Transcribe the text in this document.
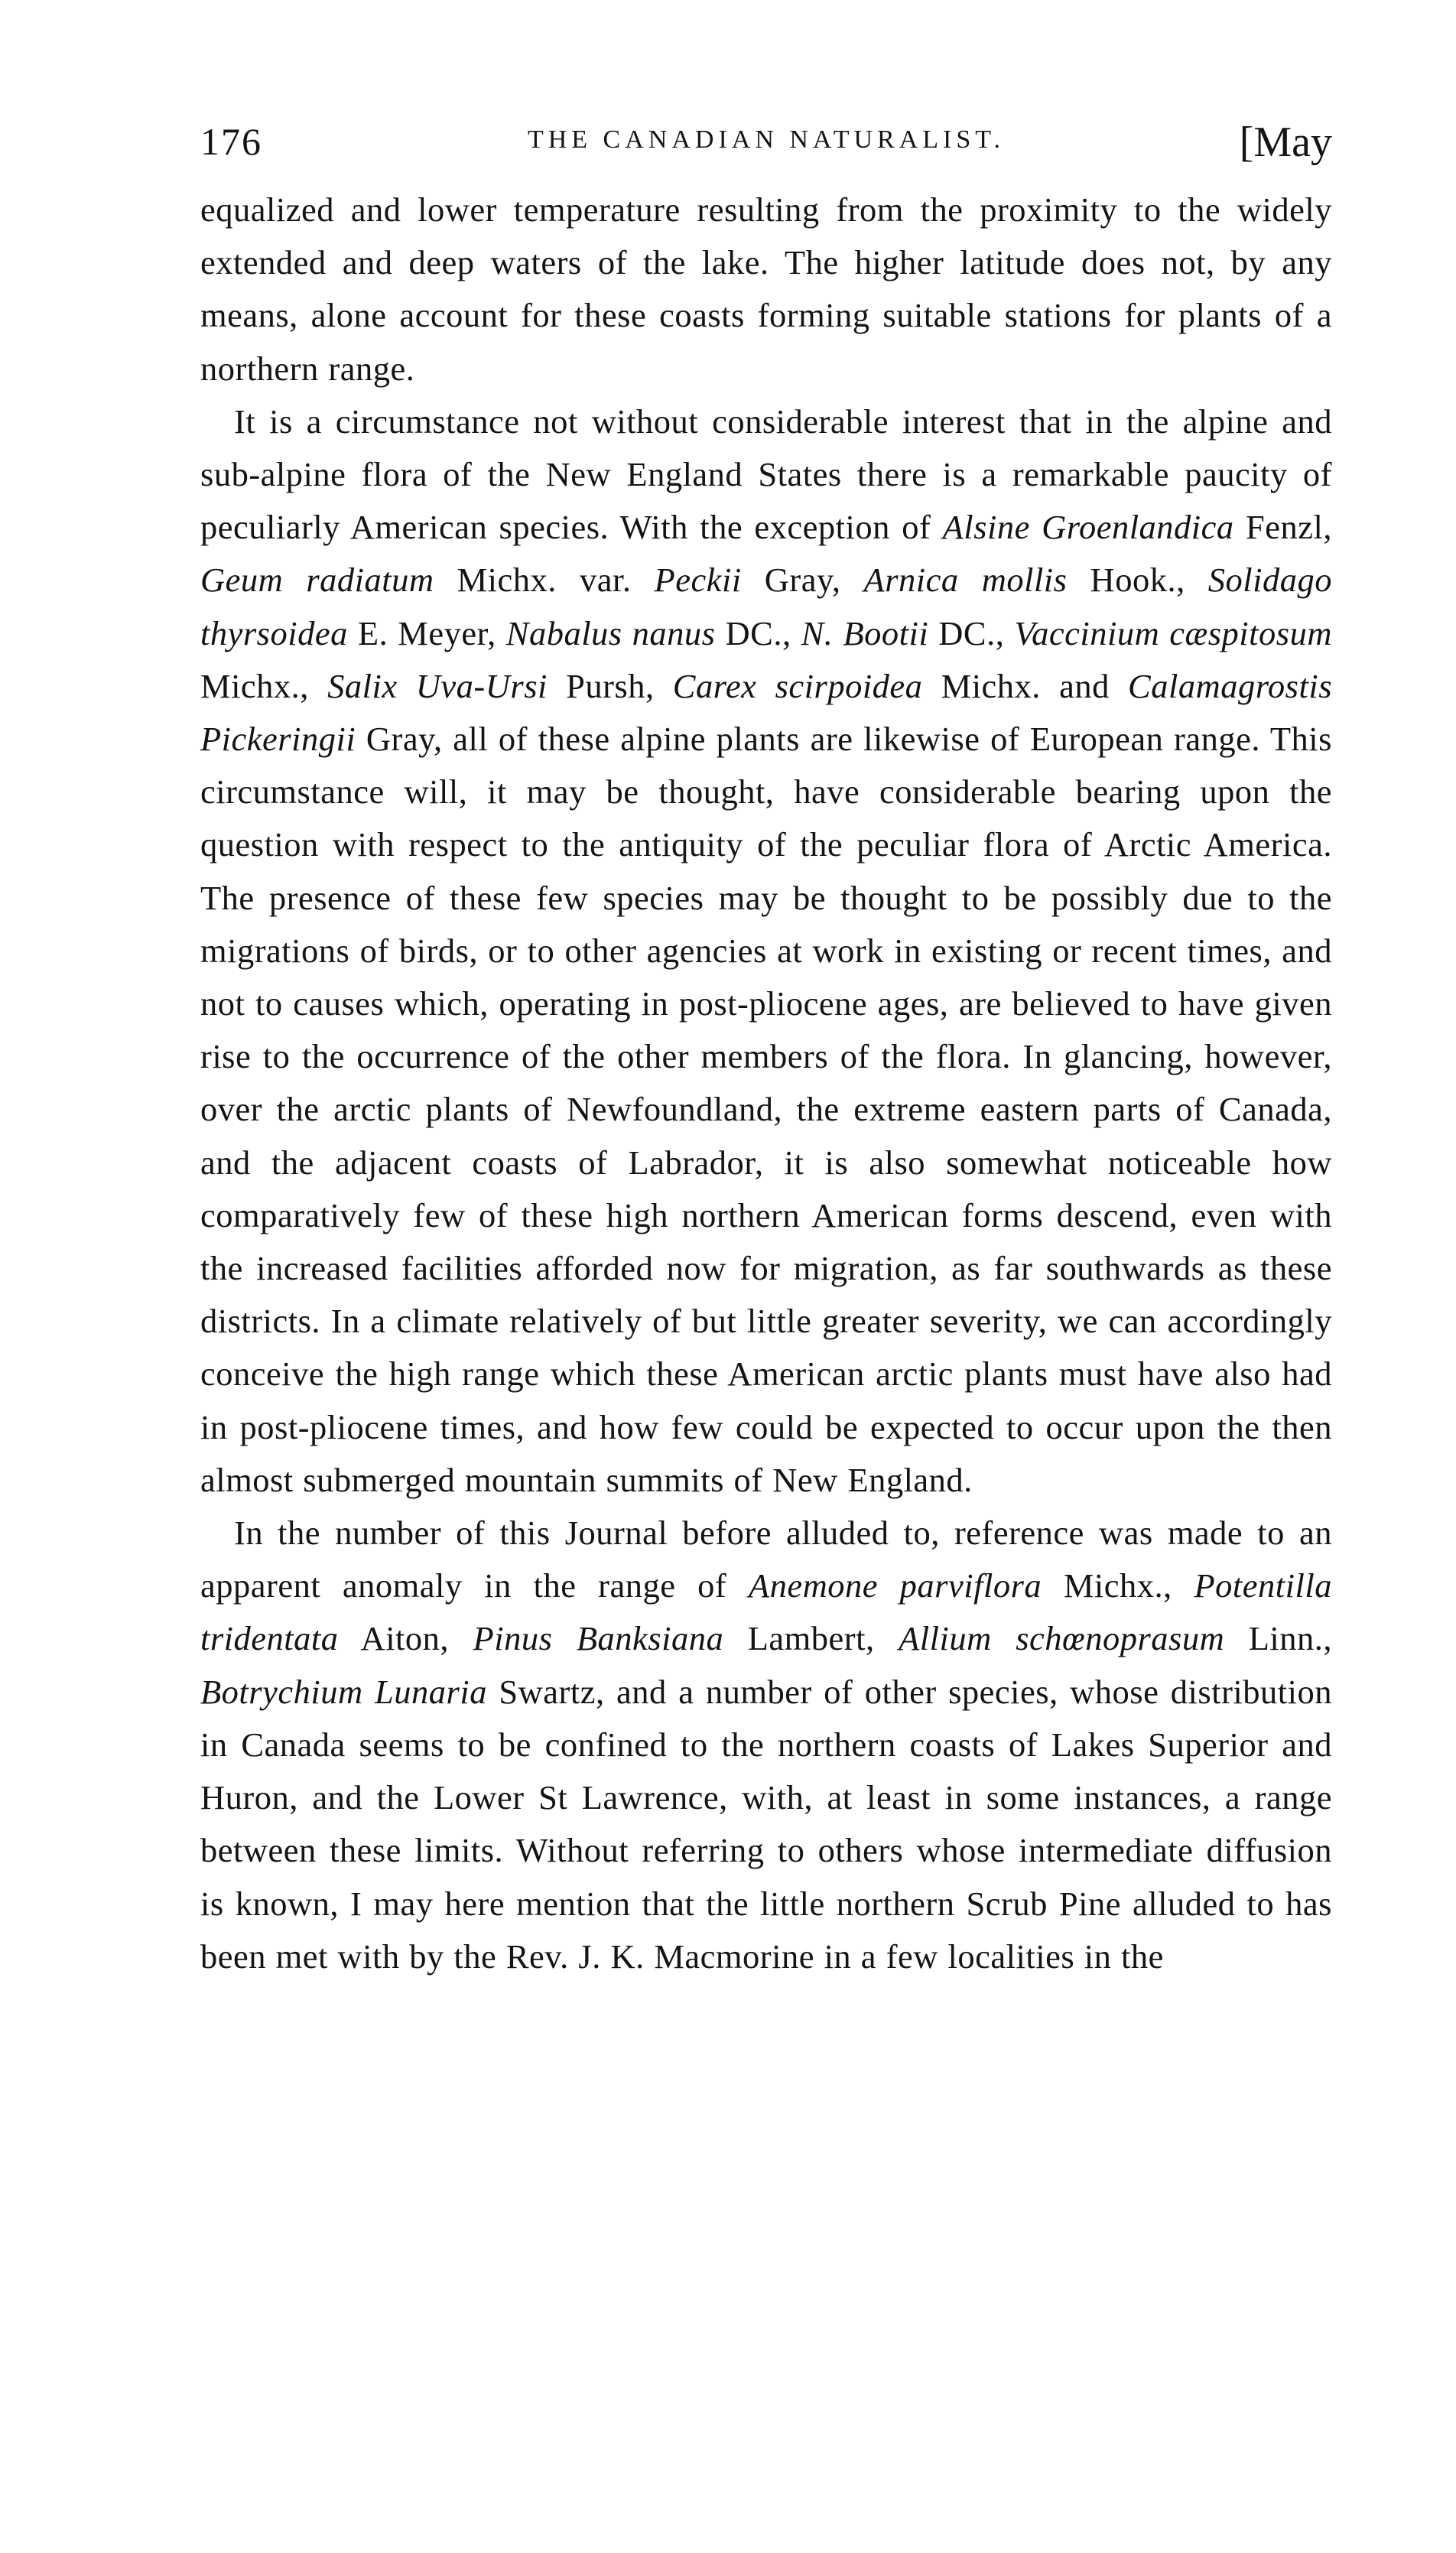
176	THE CANADIAN NATURALIST.	[May

equalized and lower temperature resulting from the proximity to the widely extended and deep waters of the lake. The higher latitude does not, by any means, alone account for these coasts forming suitable stations for plants of a northern range.

It is a circumstance not without considerable interest that in the alpine and sub-alpine flora of the New England States there is a remarkable paucity of peculiarly American species. With the exception of Alsine Groenlandica Fenzl, Geum radiatum Michx. var. Peckii Gray, Arnica mollis Hook., Solidago thyrsoidea E. Meyer, Nabalus nanus DC., N. Bootii DC., Vaccinium cæspitosum Michx., Salix Uva-Ursi Pursh, Carex scirpoidea Michx. and Calamagrostis Pickeringii Gray, all of these alpine plants are likewise of European range. This circumstance will, it may be thought, have considerable bearing upon the question with respect to the antiquity of the peculiar flora of Arctic America. The presence of these few species may be thought to be possibly due to the migrations of birds, or to other agencies at work in existing or recent times, and not to causes which, operating in post-pliocene ages, are believed to have given rise to the occurrence of the other members of the flora. In glancing, however, over the arctic plants of Newfoundland, the extreme eastern parts of Canada, and the adjacent coasts of Labrador, it is also somewhat noticeable how comparatively few of these high northern American forms descend, even with the increased facilities afforded now for migration, as far southwards as these districts. In a climate relatively of but little greater severity, we can accordingly conceive the high range which these American arctic plants must have also had in post-pliocene times, and how few could be expected to occur upon the then almost submerged mountain summits of New England.

In the number of this Journal before alluded to, reference was made to an apparent anomaly in the range of Anemone parviflora Michx., Potentilla tridentata Aiton, Pinus Banksiana Lambert, Allium schœnoprasum Linn., Botrychium Lunaria Swartz, and a number of other species, whose distribution in Canada seems to be confined to the northern coasts of Lakes Superior and Huron, and the Lower St Lawrence, with, at least in some instances, a range between these limits. Without referring to others whose intermediate diffusion is known, I may here mention that the little northern Scrub Pine alluded to has been met with by the Rev. J. K. Macmorine in a few localities in the
